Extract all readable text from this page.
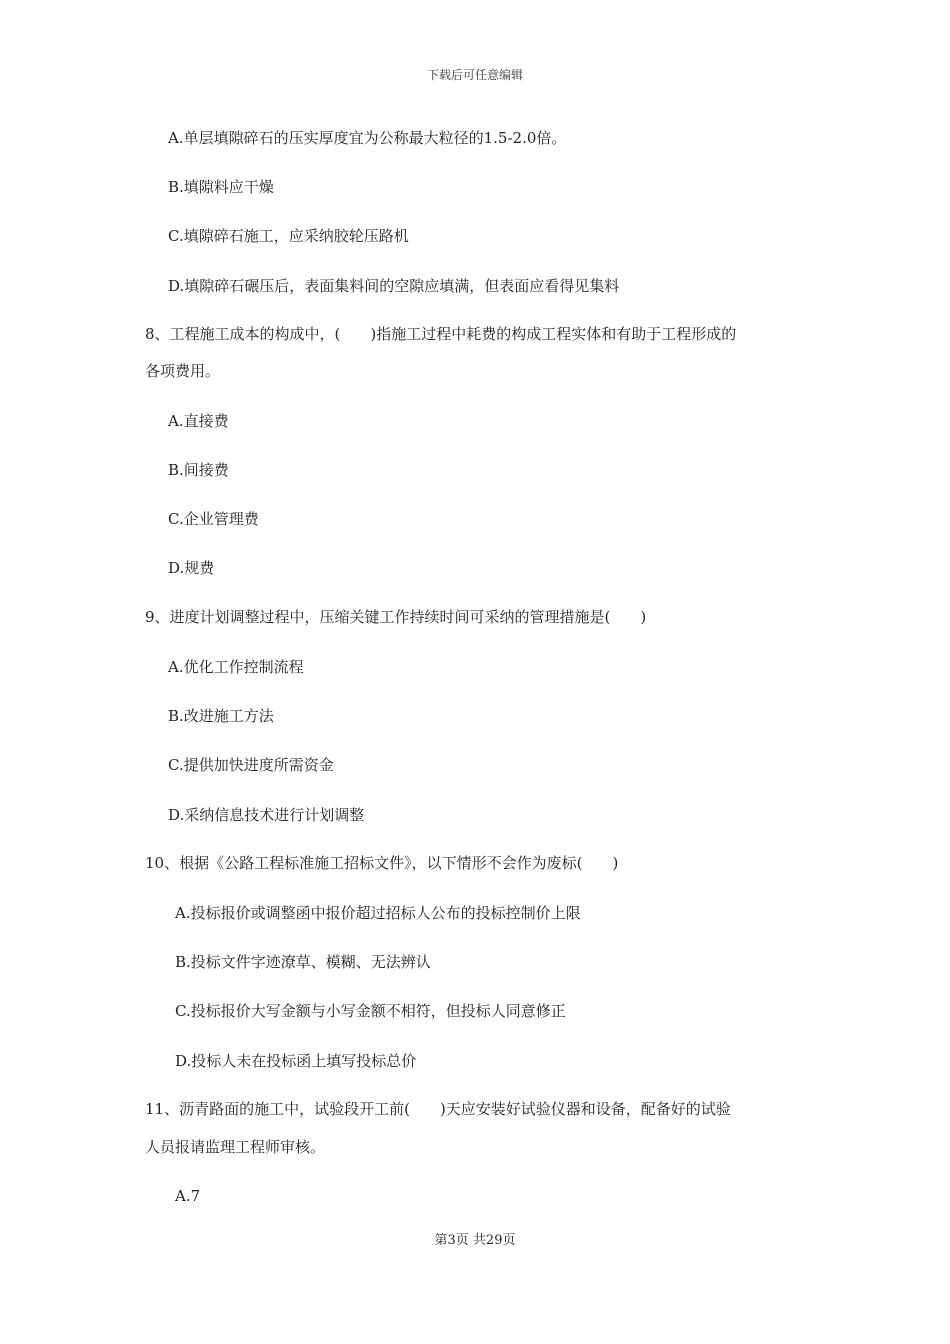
下载后可任意编辑
A.单层填隙碎石的压实厚度宜为公称最大粒径的1.5-2.0倍。
B.填隙料应干燥
C.填隙碎石施工，应采纳胶轮压路机
D.填隙碎石碾压后，表面集料间的空隙应填满，但表面应看得见集料
8、工程施工成本的构成中，(　　)指施工过程中耗费的构成工程实体和有助于工程形成的
各项费用。
A.直接费
B.间接费
C.企业管理费
D.规费
9、进度计划调整过程中，压缩关键工作持续时间可采纳的管理措施是(　　)
A.优化工作控制流程
B.改进施工方法
C.提供加快进度所需资金
D.采纳信息技术进行计划调整
10、根据《公路工程标准施工招标文件》，以下情形不会作为废标(　　)
A.投标报价或调整函中报价超过招标人公布的投标控制价上限
B.投标文件字迹潦草、模糊、无法辨认
C.投标报价大写金额与小写金额不相符，但投标人同意修正
D.投标人未在投标函上填写投标总价
11、沥青路面的施工中，试验段开工前(　　)天应安装好试验仪器和设备，配备好的试验
人员报请监理工程师审核。
A.7
第3页 共29页
